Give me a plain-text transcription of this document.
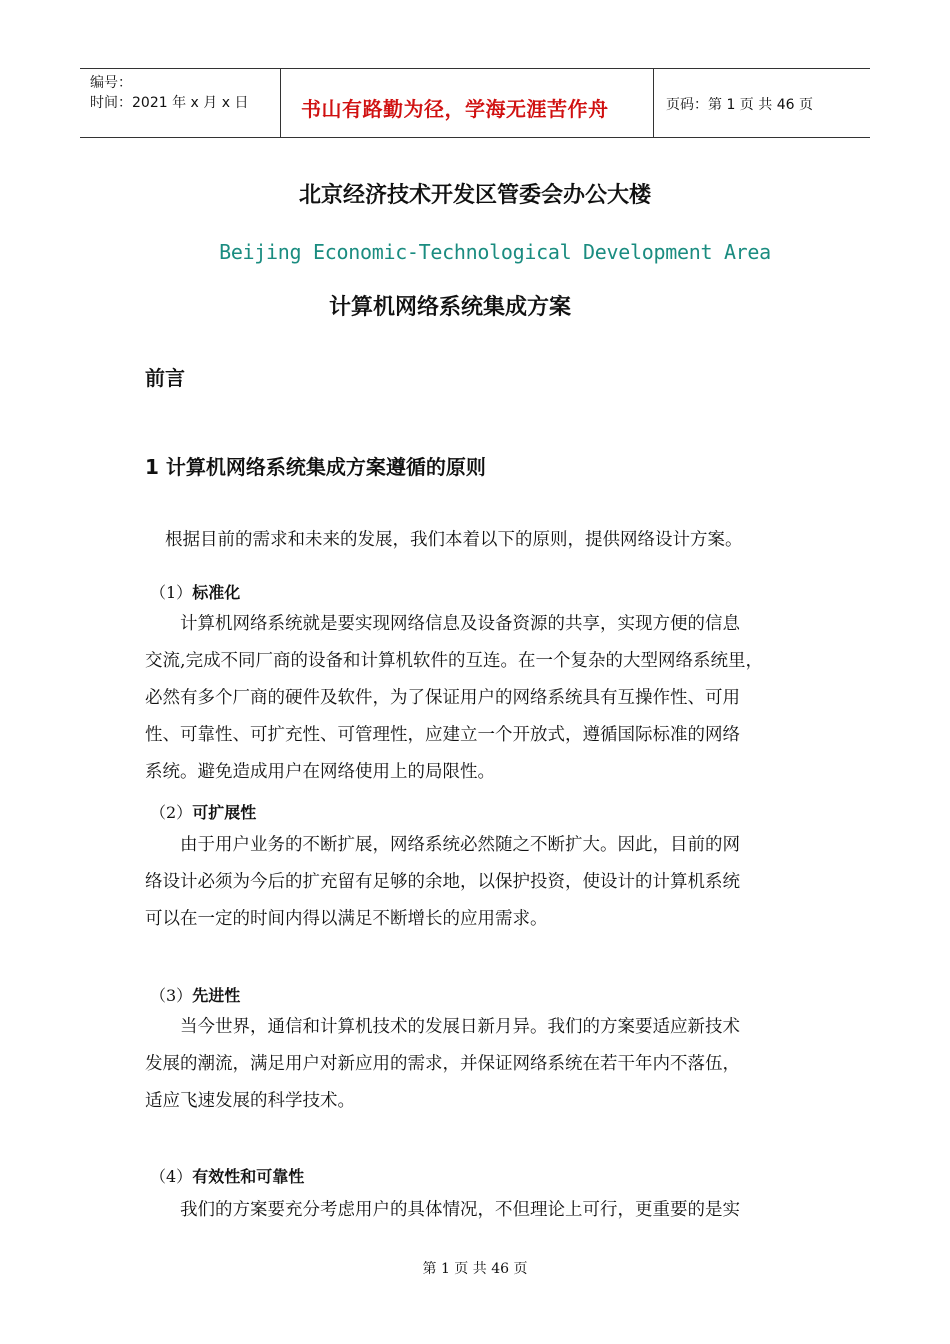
编号：
时间：2021 年 x 月 x 日	书山有路勤为径，学海无涯苦作舟	页码：第 1 页 共 46 页
北京经济技术开发区管委会办公大楼
Beijing Economic-Technological Development Area
计算机网络系统集成方案
前言
1 计算机网络系统集成方案遵循的原则
根据目前的需求和未来的发展，我们本着以下的原则，提供网络设计方案。
（1）标准化
　　计算机网络系统就是要实现网络信息及设备资源的共享，实现方便的信息
交流,完成不同厂商的设备和计算机软件的互连。在一个复杂的大型网络系统里，
必然有多个厂商的硬件及软件，为了保证用户的网络系统具有互操作性、可用
性、可靠性、可扩充性、可管理性，应建立一个开放式，遵循国际标准的网络
系统。避免造成用户在网络使用上的局限性。
（2）可扩展性
　　由于用户业务的不断扩展，网络系统必然随之不断扩大。因此，目前的网
络设计必须为今后的扩充留有足够的余地，以保护投资，使设计的计算机系统
可以在一定的时间内得以满足不断增长的应用需求。
（3）先进性
　　当今世界，通信和计算机技术的发展日新月异。我们的方案要适应新技术
发展的潮流，满足用户对新应用的需求，并保证网络系统在若干年内不落伍，
适应飞速发展的科学技术。
（4）有效性和可靠性
　　我们的方案要充分考虑用户的具体情况，不但理论上可行，更重要的是实
第 1 页 共 46 页
